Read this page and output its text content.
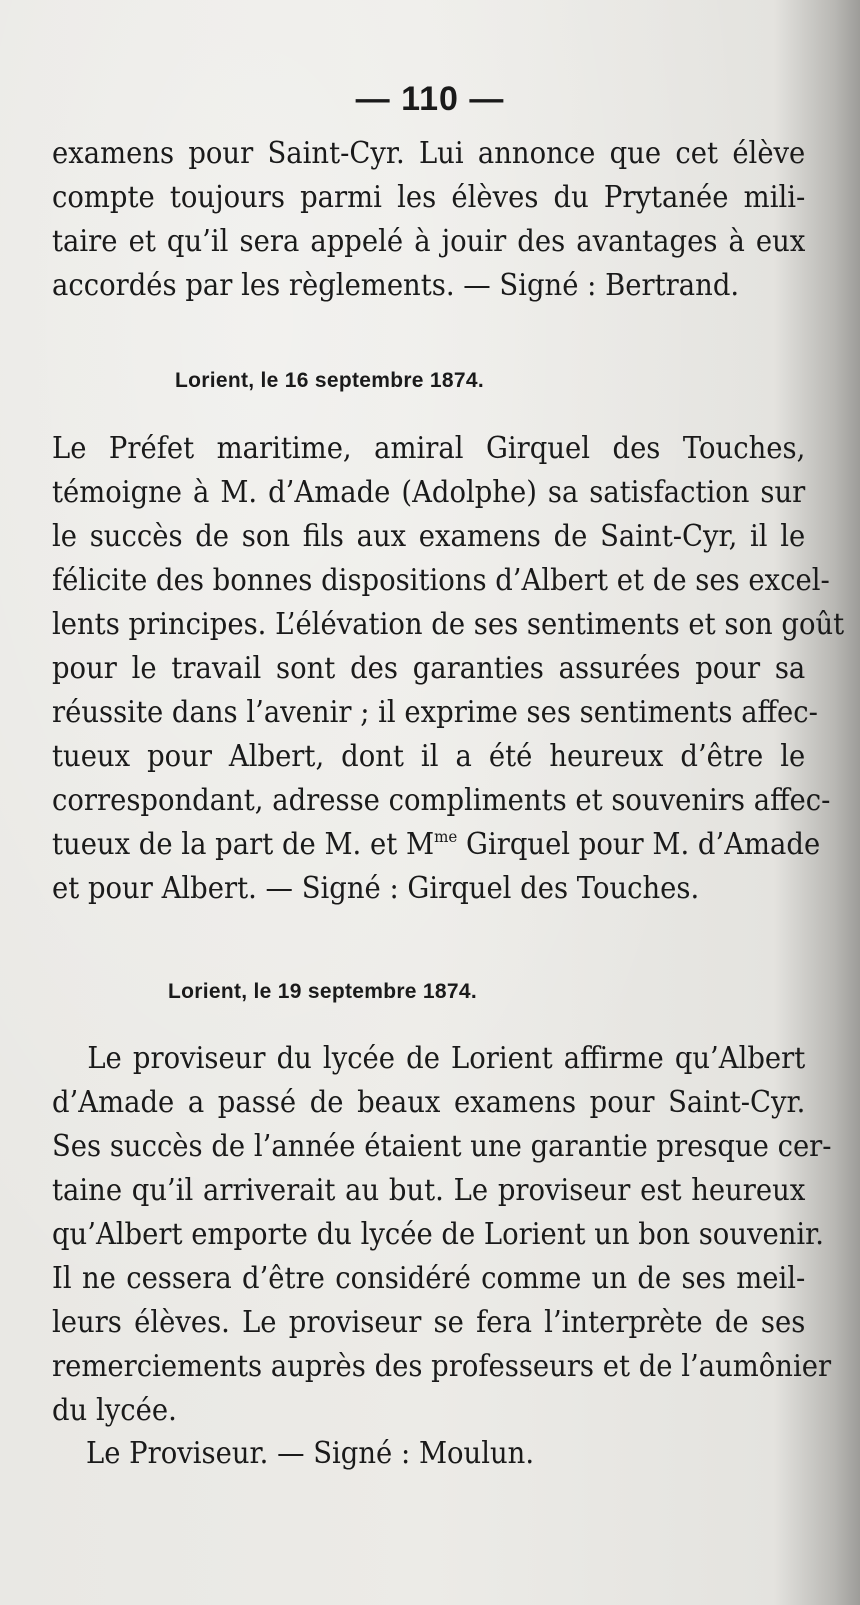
— 110 —
examens pour Saint-Cyr. Lui annonce que cet élève
compte toujours parmi les élèves du Prytanée mili-
taire et qu’il sera appelé à jouir des avantages à eux
accordés par les règlements. — Signé : Bertrand.
Lorient, le 16 septembre 1874.
Le Préfet maritime, amiral Girquel des Touches,
témoigne à M. d’Amade (Adolphe) sa satisfaction sur
le succès de son fils aux examens de Saint-Cyr, il le
félicite des bonnes dispositions d’Albert et de ses excel-
lents principes. L’élévation de ses sentiments et son goût
pour le travail sont des garanties assurées pour sa
réussite dans l’avenir ; il exprime ses sentiments affec-
tueux pour Albert, dont il a été heureux d’être le
correspondant, adresse compliments et souvenirs affec-
tueux de la part de M. et $M^{me}$ Girquel pour M. d’Amade
et pour Albert. — Signé : Girquel des Touches.
Lorient, le 19 septembre 1874.
Le proviseur du lycée de Lorient affirme qu’Albert
d’Amade a passé de beaux examens pour Saint-Cyr.
Ses succès de l’année étaient une garantie presque cer-
taine qu’il arriverait au but. Le proviseur est heureux
qu’Albert emporte du lycée de Lorient un bon souvenir.
Il ne cessera d’être considéré comme un de ses meil-
leurs élèves. Le proviseur se fera l’interprète de ses
remerciements auprès des professeurs et de l’aumônier
du lycée.
Le Proviseur. — Signé : Moulun.
